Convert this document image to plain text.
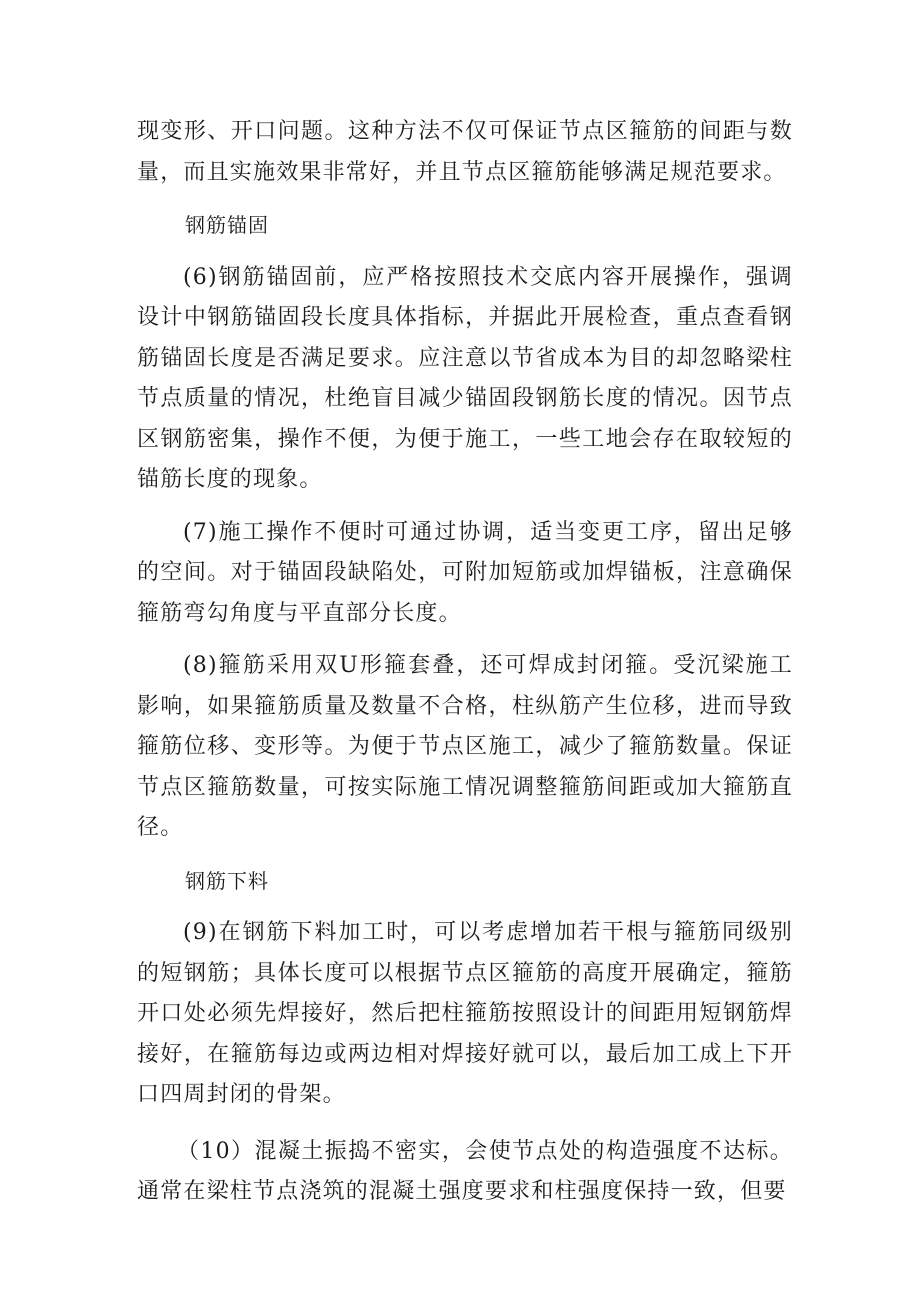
现变形、开口问题。这种方法不仅可保证节点区箍筋的间距与数量，而且实施效果非常好，并且节点区箍筋能够满足规范要求。

钢筋锚固

(6)钢筋锚固前，应严格按照技术交底内容开展操作，强调设计中钢筋锚固段长度具体指标，并据此开展检查，重点查看钢筋锚固长度是否满足要求。应注意以节省成本为目的却忽略梁柱节点质量的情况，杜绝盲目减少锚固段钢筋长度的情况。因节点区钢筋密集，操作不便，为便于施工，一些工地会存在取较短的锚筋长度的现象。

(7)施工操作不便时可通过协调，适当变更工序，留出足够的空间。对于锚固段缺陷处，可附加短筋或加焊锚板，注意确保箍筋弯勾角度与平直部分长度。

(8)箍筋采用双U形箍套叠，还可焊成封闭箍。受沉梁施工影响，如果箍筋质量及数量不合格，柱纵筋产生位移，进而导致箍筋位移、变形等。为便于节点区施工，减少了箍筋数量。保证节点区箍筋数量，可按实际施工情况调整箍筋间距或加大箍筋直径。

钢筋下料

(9)在钢筋下料加工时，可以考虑增加若干根与箍筋同级别的短钢筋；具体长度可以根据节点区箍筋的高度开展确定，箍筋开口处必须先焊接好，然后把柱箍筋按照设计的间距用短钢筋焊接好，在箍筋每边或两边相对焊接好就可以，最后加工成上下开口四周封闭的骨架。

（10）混凝土振捣不密实，会使节点处的构造强度不达标。通常在梁柱节点浇筑的混凝土强度要求和柱强度保持一致，但要
